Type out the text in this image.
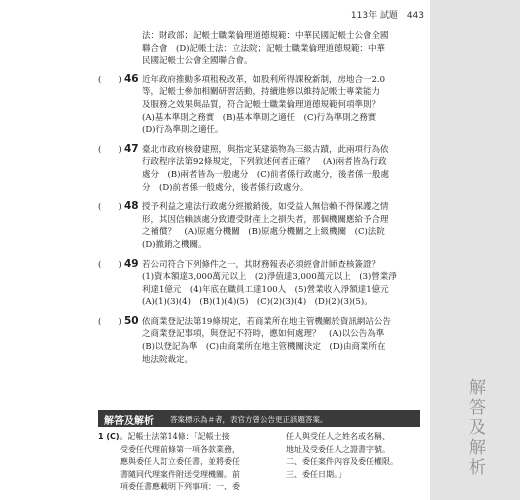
113年 試題 443
解答及解析
法：財政部；記帳士職業倫理道德規範：中華民國記帳士公會全國
聯合會　(D)記帳士法：立法院；記帳士職業倫理道德規範：中華
民國記帳士公會全國聯合會。
(　　) 46 近年政府推動多項租稅改革，如股利所得課稅新制，房地合一2.0
等，記帳士參加相關研習活動，持續進修以維持記帳士專業能力
及服務之效果與品質，符合記帳士職業倫理道德規範何項準則？
(A)基本準則之務實　(B)基本準則之適任　(C)行為準則之務實
(D)行為準則之適任。
(　　) 47 臺北市政府核發建照，與指定某建築物為三級古蹟，此兩項行為依
行政程序法第92條規定，下列敘述何者正確？　(A)兩者皆為行政
處分　(B)兩者皆為一般處分　(C)前者係行政處分，後者係一般處
分　(D)前者係一般處分，後者係行政處分。
(　　) 48 授予利益之違法行政處分經撤銷後，如受益人無信賴不得保護之情
形，其因信賴該處分致遭受財產上之損失者，那個機關應給予合理
之補償？　(A)原處分機關　(B)原處分機關之上級機關　(C)法院
(D)撤銷之機關。
(　　) 49 若公司符合下列條件之一，其財務報表必須經會計師查核簽證？
(1)資本額達3,000萬元以上　(2)淨值達3,000萬元以上　(3)營業淨
利達1億元　(4)年底在職員工達100人　(5)營業收入淨額達1億元
(A)(1)(3)(4)　(B)(1)(4)(5)　(C)(2)(3)(4)　(D)(2)(3)(5)。
(　　) 50 依商業登記法第19條規定，若商業所在地主管機關於資訊網站公告
之商業登記事項，與登記不符時，應如何處理？　(A)以公告為準
(B)以登記為準　(C)由商業所在地主管機關決定　(D)由商業所在
地法院裁定。
解答及解析 答案標示為＃者，表官方曾公告更正該題答案。
1 (C)。記帳士法第14條：「記帳士接
受委任代理前條第一項各款業務，
應與委任人訂立委任書，並將委任
書隨同代理案件附送受理機關。前
項委任書應載明下列事項：一、委
任人與受任人之姓名或名稱、
地址及受委任人之證書字號。
二、委任案件內容及委任權限。
三、委任日期。」
